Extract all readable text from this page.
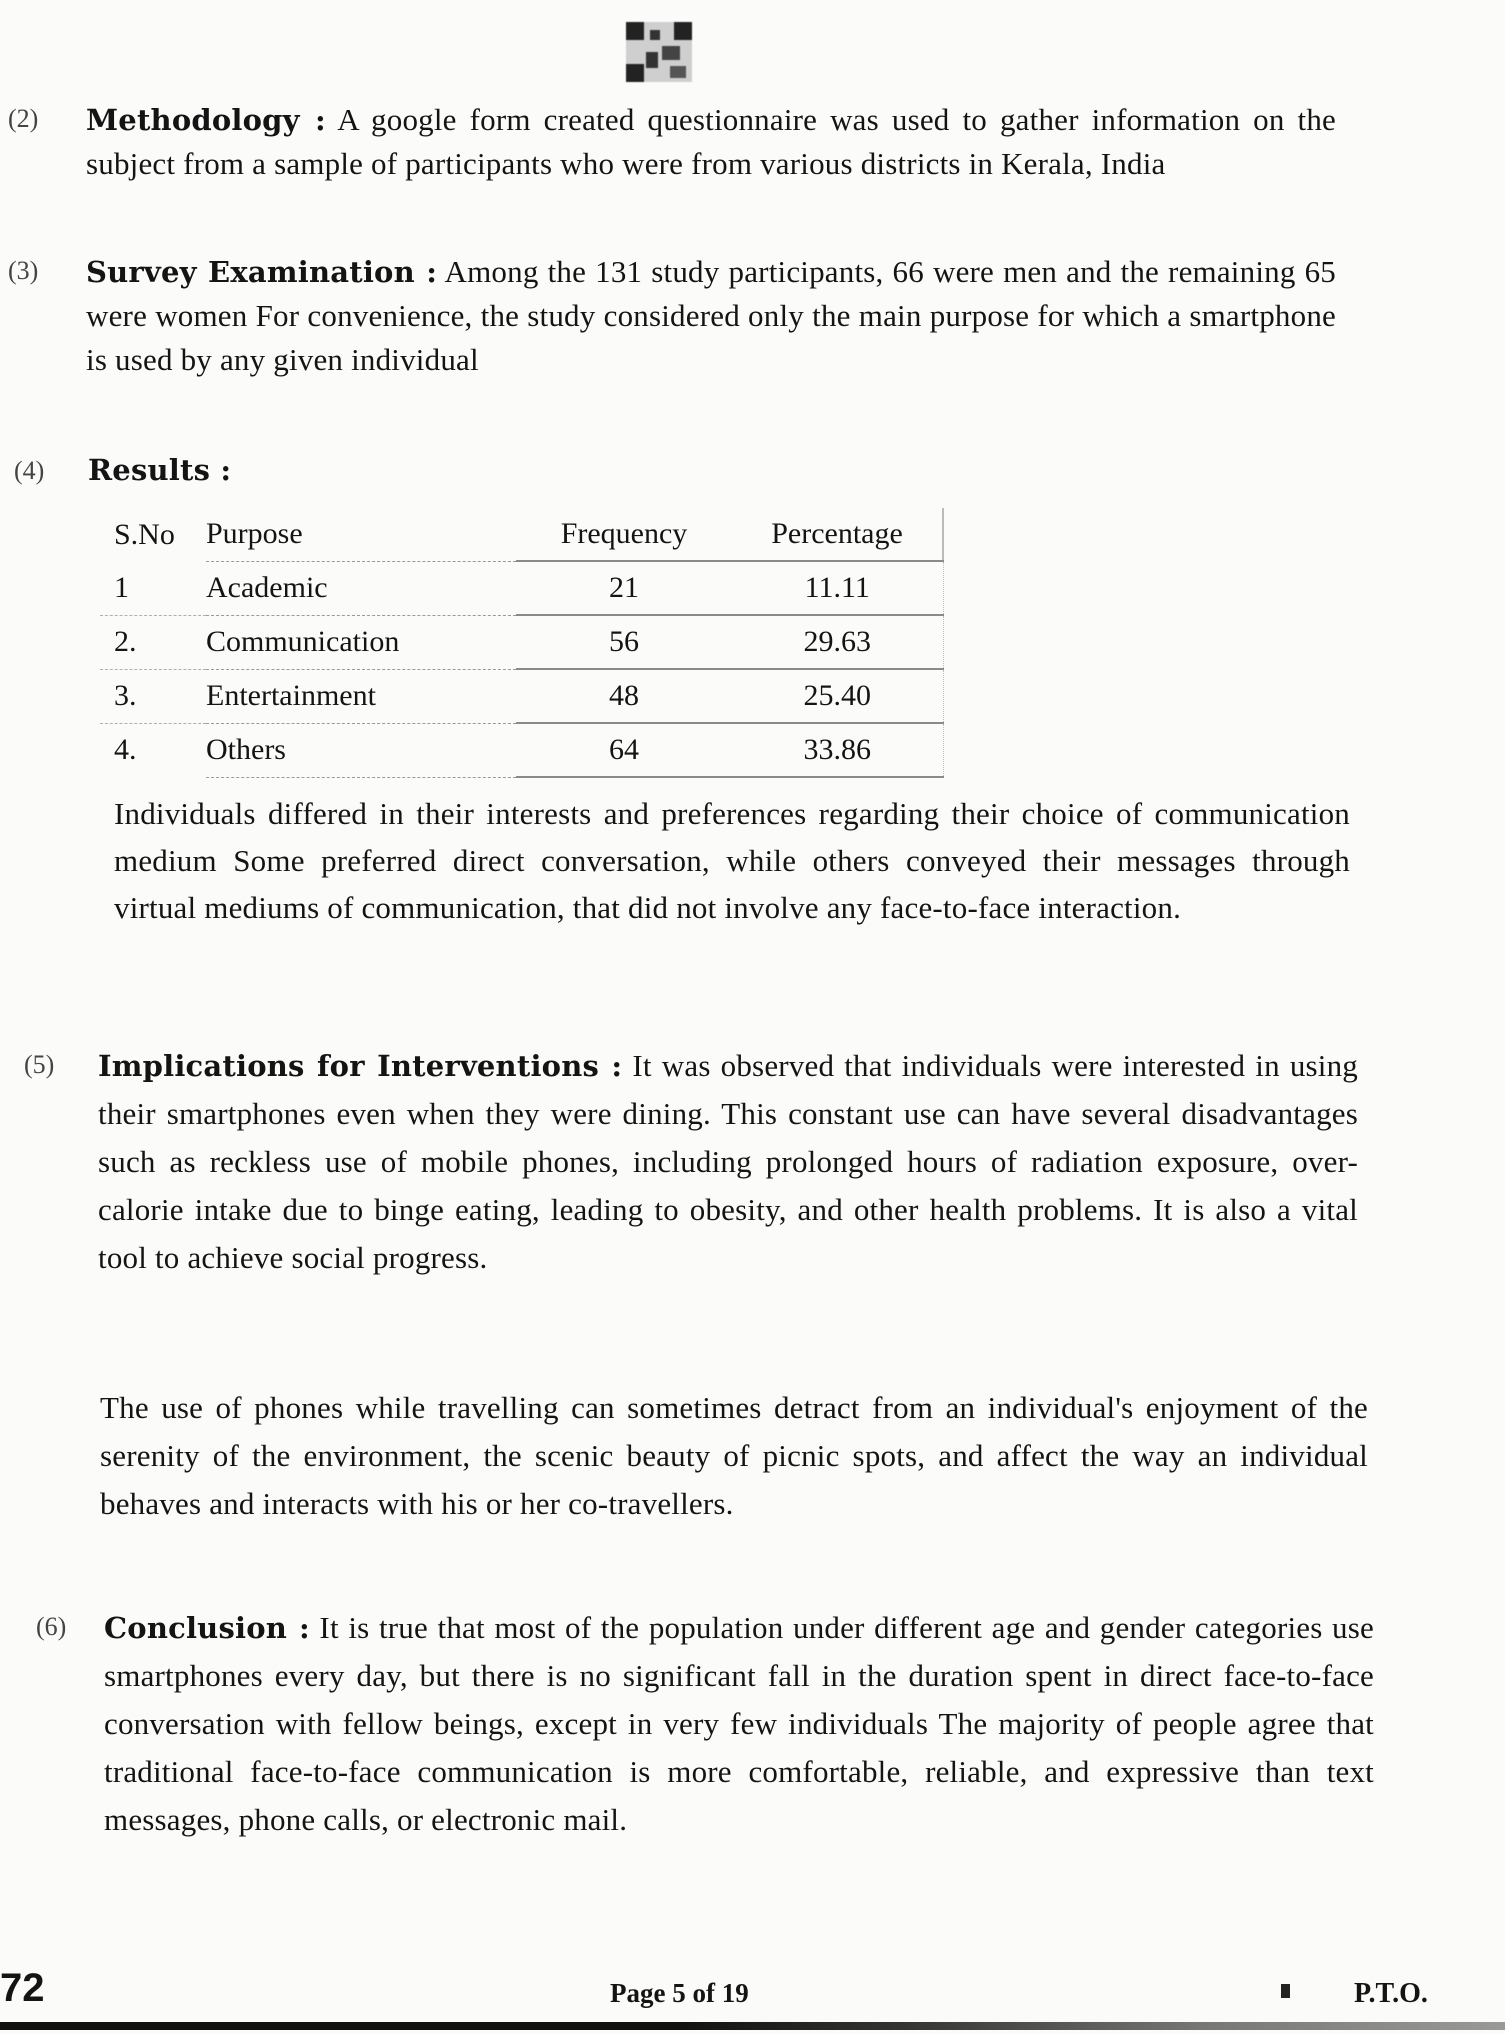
(2) Methodology : A google form created questionnaire was used to gather information on the subject from a sample of participants who were from various districts in Kerala, India

(3) Survey Examination : Among the 131 study participants, 66 were men and the remaining 65 were women For convenience, the study considered only the main purpose for which a smartphone is used by any given individual

(4) Results :
S.No	Purpose	Frequency	Percentage
1	Academic	21	11.11
2.	Communication	56	29.63
3.	Entertainment	48	25.40
4.	Others	64	33.86
Individuals differed in their interests and preferences regarding their choice of communication medium Some preferred direct conversation, while others conveyed their messages through virtual mediums of communication, that did not involve any face-to-face interaction.
(5) Implications for Interventions : It was observed that individuals were interested in using their smartphones even when they were dining. This constant use can have several disadvantages such as reckless use of mobile phones, including prolonged hours of radiation exposure, over-calorie intake due to binge eating, leading to obesity, and other health problems. It is also a vital tool to achieve social progress.

The use of phones while travelling can sometimes detract from an individual's enjoyment of the serenity of the environment, the scenic beauty of picnic spots, and affect the way an individual behaves and interacts with his or her co-travellers.
(6) Conclusion : It is true that most of the population under different age and gender categories use smartphones every day, but there is no significant fall in the duration spent in direct face-to-face conversation with fellow beings, except in very few individuals The majority of people agree that traditional face-to-face communication is more comfortable, reliable, and expressive than text messages, phone calls, or electronic mail.

72	Page 5 of 19	P.T.O.
